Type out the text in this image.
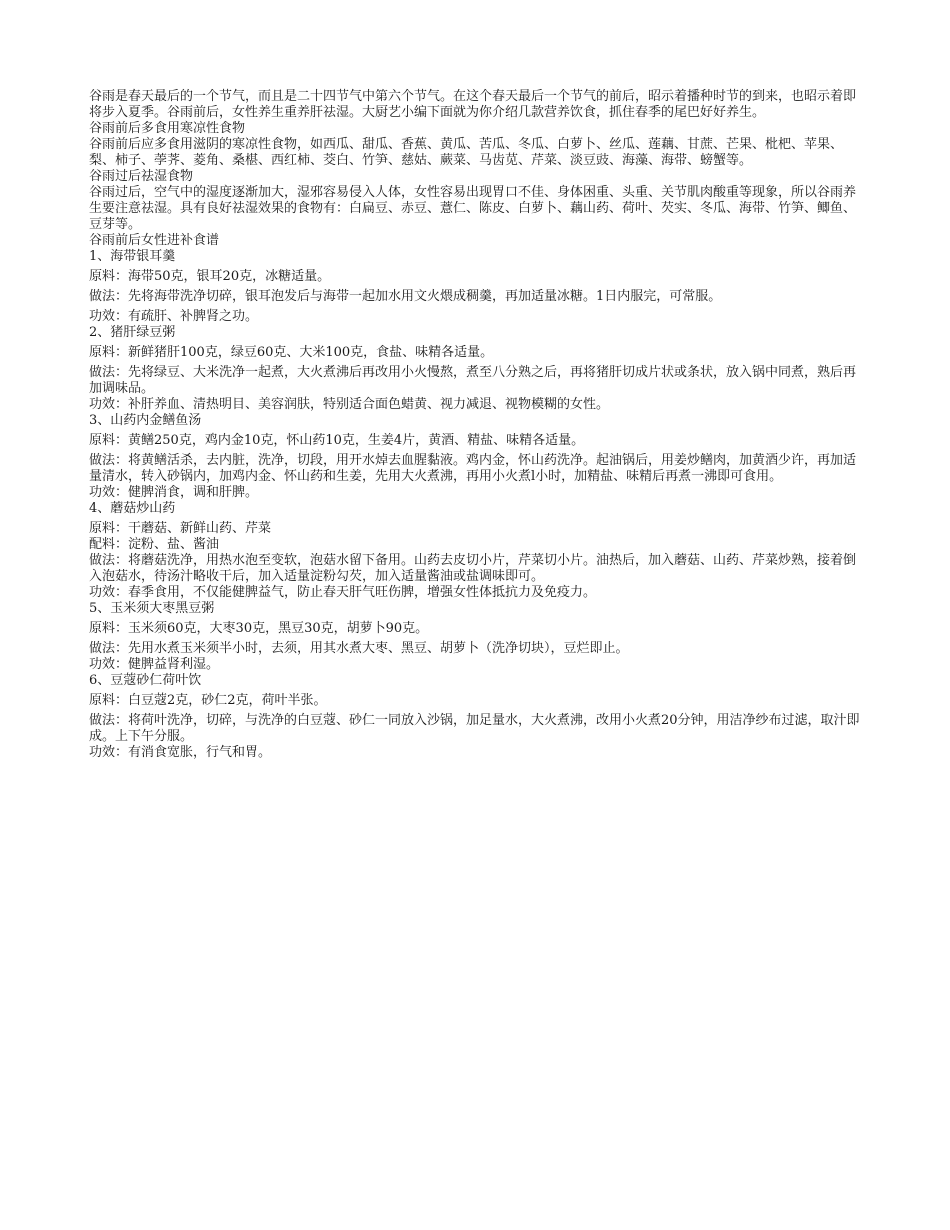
谷雨是春天最后的一个节气，而且是二十四节气中第六个节气。在这个春天最后一个节气的前后，昭示着播种时节的到来，也昭示着即将步入夏季。谷雨前后，女性养生重养肝祛湿。大厨艺小编下面就为你介绍几款营养饮食，抓住春季的尾巴好好养生。

谷雨前后多食用寒凉性食物

谷雨前后应多食用滋阴的寒凉性食物，如西瓜、甜瓜、香蕉、黄瓜、苦瓜、冬瓜、白萝卜、丝瓜、莲藕、甘蔗、芒果、枇杷、苹果、梨、柿子、荸荠、菱角、桑椹、西红柿、茭白、竹笋、慈姑、蕨菜、马齿苋、芹菜、淡豆豉、海藻、海带、螃蟹等。

谷雨过后祛湿食物

谷雨过后，空气中的湿度逐渐加大，湿邪容易侵入人体，女性容易出现胃口不佳、身体困重、头重、关节肌肉酸重等现象，所以谷雨养生要注意祛湿。具有良好祛湿效果的食物有：白扁豆、赤豆、薏仁、陈皮、白萝卜、藕山药、荷叶、芡实、冬瓜、海带、竹笋、鲫鱼、豆芽等。

谷雨前后女性进补食谱

1、海带银耳羹

原料：海带50克，银耳20克，冰糖适量。

做法：先将海带洗净切碎，银耳泡发后与海带一起加水用文火煨成稠羹，再加适量冰糖。1日内服完，可常服。

功效：有疏肝、补脾肾之功。

2、猪肝绿豆粥

原料：新鲜猪肝100克，绿豆60克、大米100克，食盐、味精各适量。

做法：先将绿豆、大米洗净一起煮，大火煮沸后再改用小火慢熬，煮至八分熟之后，再将猪肝切成片状或条状，放入锅中同煮，熟后再加调味品。

功效：补肝养血、清热明目、美容润肤，特别适合面色蜡黄、视力减退、视物模糊的女性。

3、山药内金鳝鱼汤

原料：黄鳝250克，鸡内金10克，怀山药10克，生姜4片，黄酒、精盐、味精各适量。

做法：将黄鳝活杀，去内脏，洗净，切段，用开水焯去血腥黏液。鸡内金，怀山药洗净。起油锅后，用姜炒鳝肉，加黄酒少许，再加适量清水，转入砂锅内，加鸡内金、怀山药和生姜，先用大火煮沸，再用小火煮l小时，加精盐、味精后再煮一沸即可食用。

功效：健脾消食，调和肝脾。

4、蘑菇炒山药

原料：干蘑菇、新鲜山药、芹菜

配料：淀粉、盐、酱油

做法：将蘑菇洗净，用热水泡至变软，泡菇水留下备用。山药去皮切小片，芹菜切小片。油热后，加入蘑菇、山药、芹菜炒熟，接着倒入泡菇水，待汤汁略收干后，加入适量淀粉勾芡，加入适量酱油或盐调味即可。

功效：春季食用，不仅能健脾益气，防止春天肝气旺伤脾，增强女性体抵抗力及免疫力。

5、玉米须大枣黑豆粥

原料：玉米须60克，大枣30克，黑豆30克，胡萝卜90克。

做法：先用水煮玉米须半小时，去须，用其水煮大枣、黑豆、胡萝卜（洗净切块），豆烂即止。

功效：健脾益肾利湿。

6、豆蔻砂仁荷叶饮

原料：白豆蔻2克，砂仁2克，荷叶半张。

做法：将荷叶洗净，切碎，与洗净的白豆蔻、砂仁一同放入沙锅，加足量水，大火煮沸，改用小火煮20分钟，用洁净纱布过滤，取汁即成。上下午分服。

功效：有消食宽胀，行气和胃。
